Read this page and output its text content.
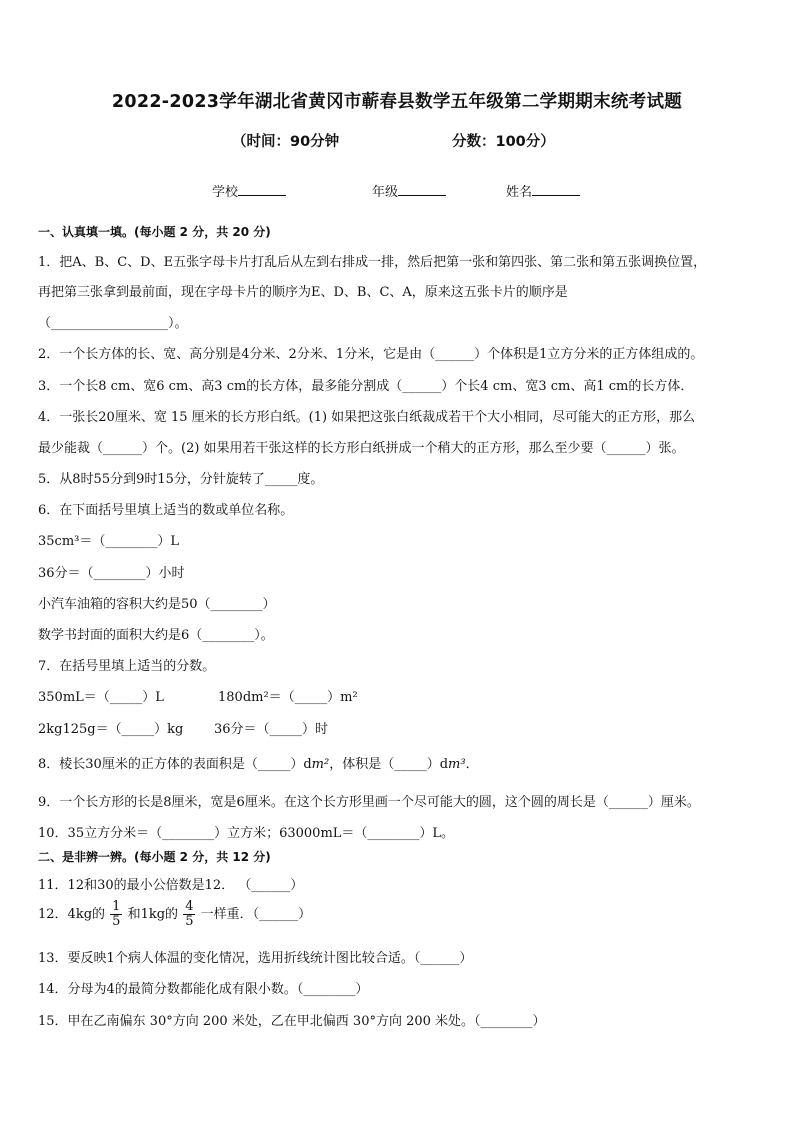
2022-2023学年湖北省黄冈市蕲春县数学五年级第二学期期末统考试题
（时间：90分钟	分数：100分）
学校	年级	姓名
一、认真填一填。(每小题 2 分，共 20 分)
1．把A、B、C、D、E五张字母卡片打乱后从左到右排成一排，然后把第一张和第四张、第二张和第五张调换位置，
再把第三张拿到最前面，现在字母卡片的顺序为E、D、B、C、A，原来这五张卡片的顺序是
（__________________）。
2．一个长方体的长、宽、高分别是4分米、2分米、1分米，它是由（______）个体积是1立方分米的正方体组成的。
3．一个长8 cm、宽6 cm、高3 cm的长方体，最多能分割成（______）个长4 cm、宽3 cm、高1 cm的长方体．
4．一张长20厘米、宽 15 厘米的长方形白纸。(1) 如果把这张白纸裁成若干个大小相同，尽可能大的正方形，那么
最少能裁（______）个。(2) 如果用若干张这样的长方形白纸拼成一个稍大的正方形，那么至少要（______）张。
5．从8时55分到9时15分，分针旋转了_____度。
6．在下面括号里填上适当的数或单位名称。
35cm³＝（________）L
36分＝（________）小时
小汽车油箱的容积大约是50（________）
数学书封面的面积大约是6（________）。
7．在括号里填上适当的分数。
350mL＝（_____）L	180dm²＝（_____）m²
2kg125g＝（_____）kg 36分＝（_____）时
8．棱长30厘米的正方体的表面积是（_____）dm²，体积是（_____）dm³．
9．一个长方形的长是8厘米，宽是6厘米。在这个长方形里画一个尽可能大的圆，这个圆的周长是（______）厘米。
10．35立方分米＝（________）立方米；63000mL＝（________）L。
二、是非辨一辨。(每小题 2 分，共 12 分)
11．12和30的最小公倍数是12． （______）
12．4kg的 $\frac{1}{5}$ 和1kg的 $\frac{4}{5}$ 一样重．（______）
13．要反映1个病人体温的变化情况，选用折线统计图比较合适。（______）
14．分母为4的最简分数都能化成有限小数。（________）
15．甲在乙南偏东 30°方向 200 米处，乙在甲北偏西 30°方向 200 米处。（________）
